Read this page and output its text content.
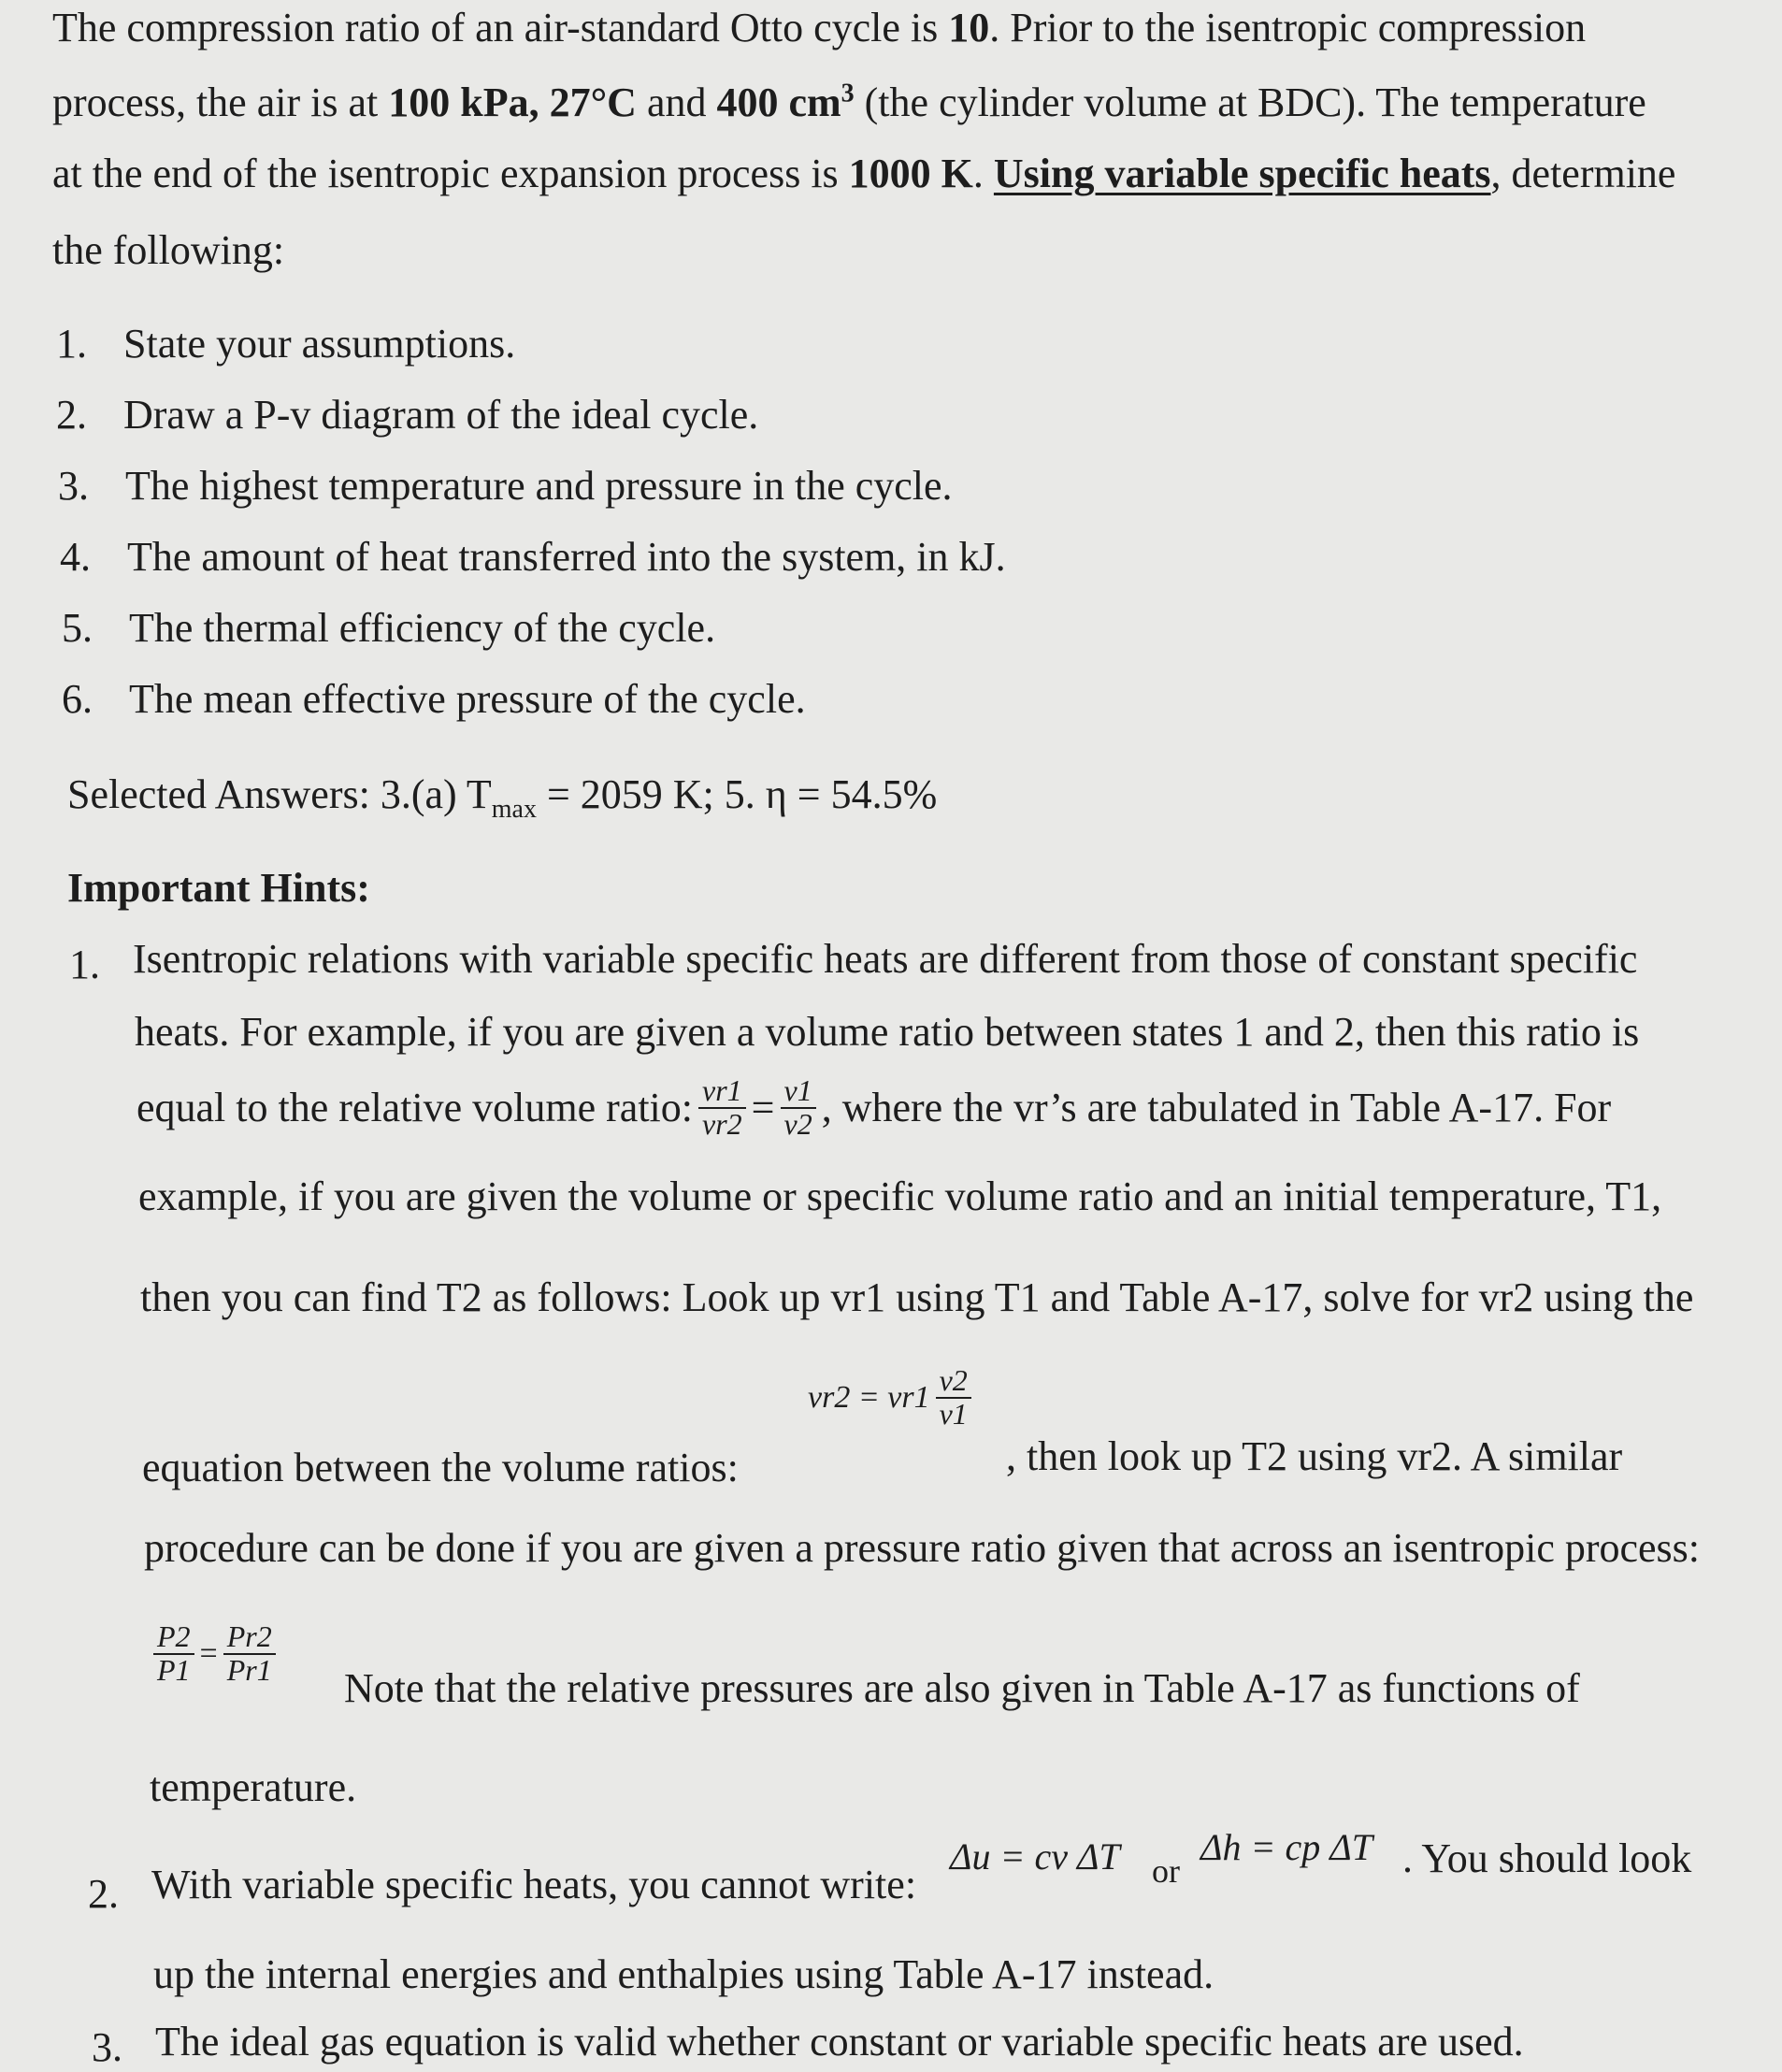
The compression ratio of an air-standard Otto cycle is 10. Prior to the isentropic compression
process, the air is at 100 kPa, 27°C and 400 $cm^3$ (the cylinder volume at BDC). The temperature
at the end of the isentropic expansion process is 1000 K. Using variable specific heats, determine
the following:
1. State your assumptions.
2. Draw a P-v diagram of the ideal cycle.
3. The highest temperature and pressure in the cycle.
4. The amount of heat transferred into the system, in kJ.
5. The thermal efficiency of the cycle.
6. The mean effective pressure of the cycle.
Selected Answers: 3.(a) $T_{max} = 2059$ K; 5. η = 54.5%
Important Hints:
1. Isentropic relations with variable specific heats are different from those of constant specific
heats. For example, if you are given a volume ratio between states 1 and 2, then this ratio is
equal to the relative volume ratio: $\frac{vr1}{vr2} = \frac{v1}{v2}$ , where the vr’s are tabulated in Table A-17. For
example, if you are given the volume or specific volume ratio and an initial temperature, T1,
then you can find T2 as follows: Look up vr1 using T1 and Table A-17, solve for vr2 using the
$vr2 = vr1 \frac{v2}{v1}$
equation between the volume ratios:	, then look up T2 using vr2. A similar
procedure can be done if you are given a pressure ratio given that across an isentropic process:
$\frac{P2}{P1} = \frac{Pr2}{Pr1}$
Note that the relative pressures are also given in Table A-17 as functions of
temperature.
2. With variable specific heats, you cannot write:
Δu = cv ΔT or
Δh = cp ΔT . You should look
up the internal energies and enthalpies using Table A-17 instead.
3. The ideal gas equation is valid whether constant or variable specific heats are used.
